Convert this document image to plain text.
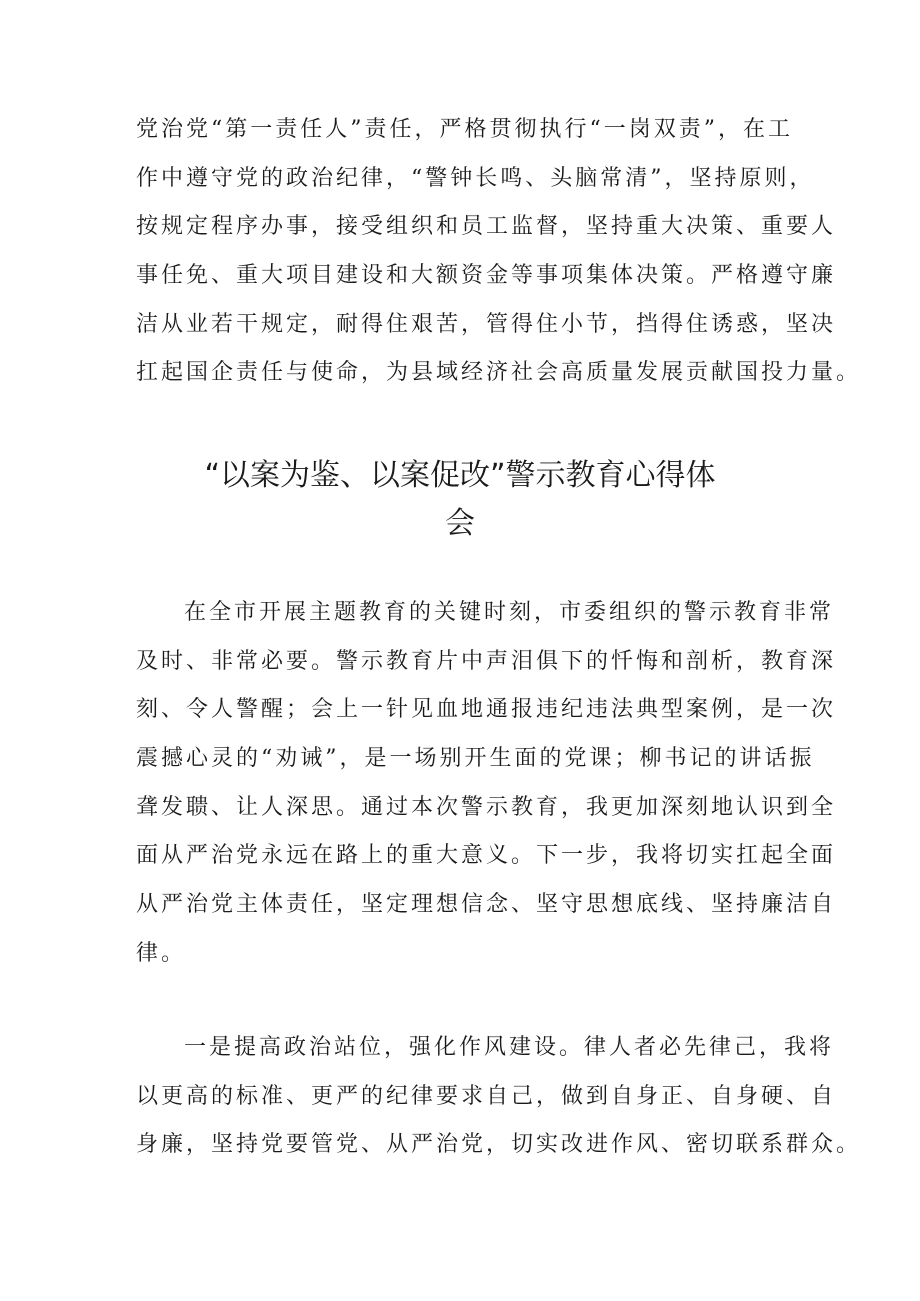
党治党“第一责任人”责任，严格贯彻执行“一岗双责”，在工
作中遵守党的政治纪律，“警钟长鸣、头脑常清”，坚持原则，
按规定程序办事，接受组织和员工监督，坚持重大决策、重要人
事任免、重大项目建设和大额资金等事项集体决策。严格遵守廉
洁从业若干规定，耐得住艰苦，管得住小节，挡得住诱惑，坚决
扛起国企责任与使命，为县域经济社会高质量发展贡献国投力量。
“以案为鉴、以案促改”警示教育心得体
会
在全市开展主题教育的关键时刻，市委组织的警示教育非常
及时、非常必要。警示教育片中声泪俱下的忏悔和剖析，教育深
刻、令人警醒；会上一针见血地通报违纪违法典型案例，是一次
震撼心灵的“劝诫”，是一场别开生面的党课；柳书记的讲话振
聋发聩、让人深思。通过本次警示教育，我更加深刻地认识到全
面从严治党永远在路上的重大意义。下一步，我将切实扛起全面
从严治党主体责任，坚定理想信念、坚守思想底线、坚持廉洁自
律。
一是提高政治站位，强化作风建设。律人者必先律己，我将
以更高的标准、更严的纪律要求自己，做到自身正、自身硬、自
身廉，坚持党要管党、从严治党，切实改进作风、密切联系群众。
